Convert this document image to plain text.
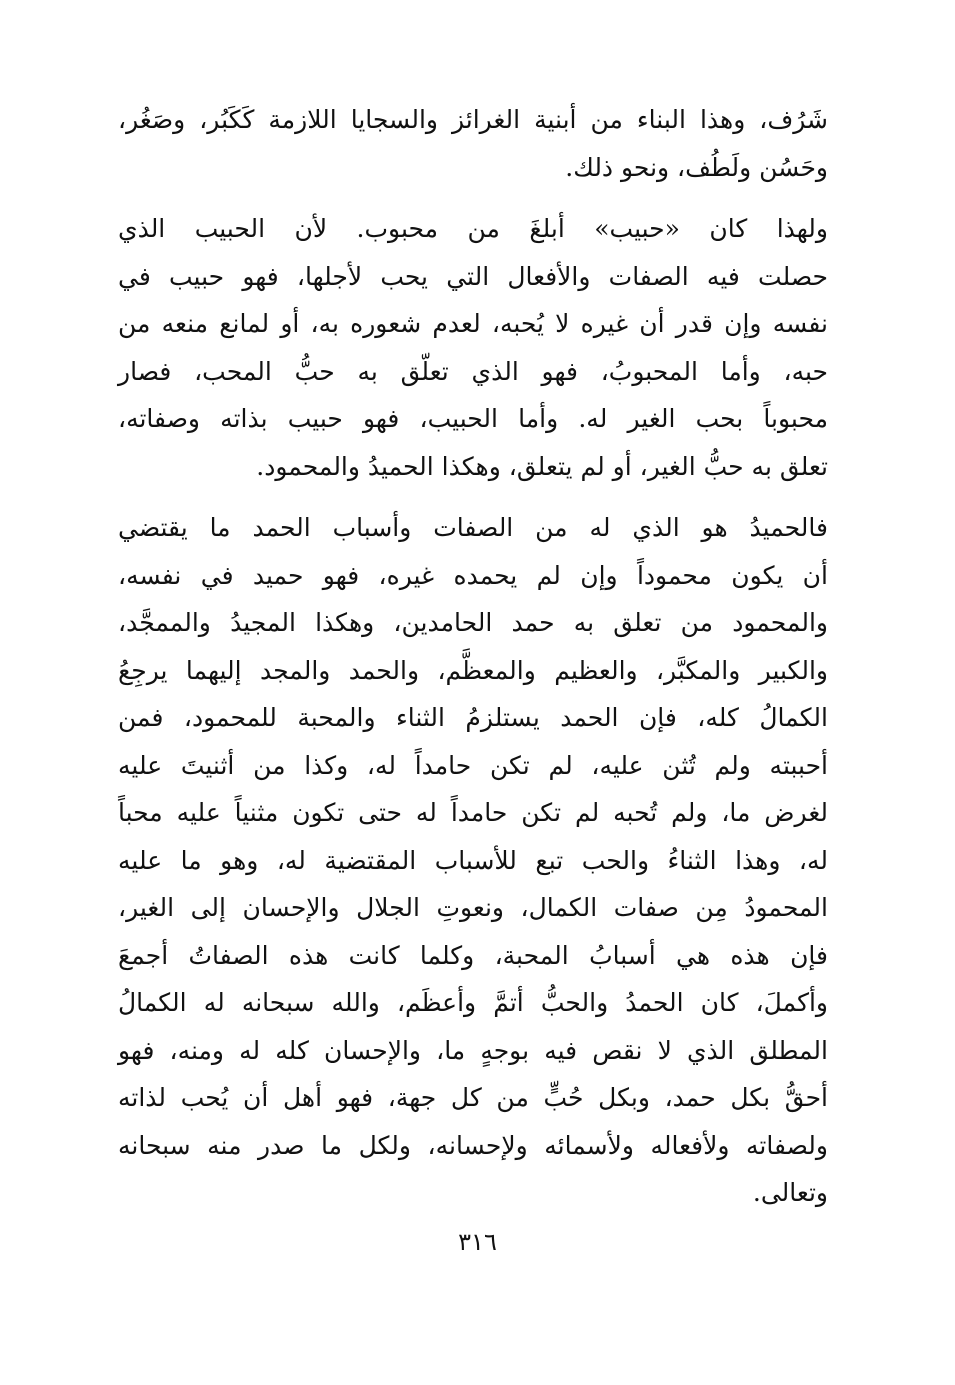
شَرُف، وهذا البناء من أبنية الغرائز والسجايا اللازمة كَكَبُر، وصَغُر،
وحَسُن ولَطُف، ونحو ذلك.

ولهذا كان «حبيب» أبلغَ من محبوب. لأن الحبيب الذي
حصلت فيه الصفات والأفعال التي يحب لأجلها، فهو حبيب في
نفسه وإن قدر أن غيره لا يُحبه، لعدم شعوره به، أو لمانع منعه من
حبه، وأما المحبوبُ، فهو الذي تعلّق به حبُّ المحب، فصار
محبوباً بحب الغير له. وأما الحبيب، فهو حبيب بذاته وصفاته،
تعلق به حبُّ الغير، أو لم يتعلق، وهكذا الحميدُ والمحمود.

فالحميدُ هو الذي له من الصفات وأسباب الحمد ما يقتضي
أن يكون محموداً وإن لم يحمده غيره، فهو حميد في نفسه،
والمحمود من تعلق به حمد الحامدين، وهكذا المجيدُ والممجَّد،
والكبير والمكبَّر، والعظيم والمعظَّم، والحمد والمجد إليهما يرجِعُ
الكمالُ كله، فإن الحمد يستلزمُ الثناء والمحبة للمحمود، فمن
أحببته ولم تُثن عليه، لم تكن حامداً له، وكذا من أثنيتَ عليه
لغرض ما، ولم تُحبه لم تكن حامداً له حتى تكون مثنياً عليه محباً
له، وهذا الثناءُ والحب تبع للأسباب المقتضية له، وهو ما عليه
المحمودُ مِن صفات الكمال، ونعوتِ الجلال والإحسان إلى الغير،
فإن هذه هي أسبابُ المحبة، وكلما كانت هذه الصفاتُ أجمعَ
وأكملَ، كان الحمدُ والحبُّ أتمَّ وأعظَم، والله سبحانه له الكمالُ
المطلق الذي لا نقص فيه بوجهٍ ما، والإحسان كله له ومنه، فهو
أحقُّ بكل حمد، وبكل حُبٍّ من كل جهة، فهو أهل أن يُحب لذاته
ولصفاته ولأفعاله ولأسمائه ولإحسانه، ولكل ما صدر منه سبحانه
وتعالى.

٣١٦
